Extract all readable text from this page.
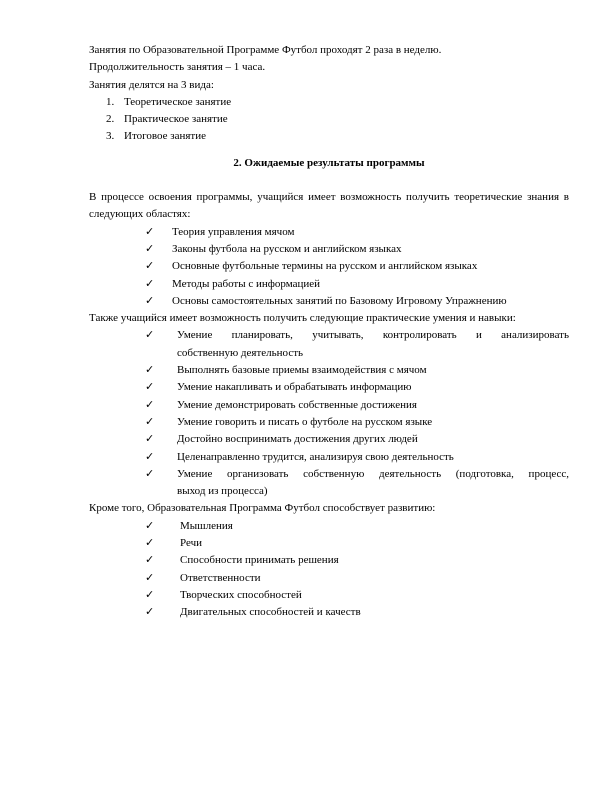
Занятия по Образовательной Программе Футбол проходят 2 раза в неделю.
Продолжительность занятия – 1 часа.
Занятия делятся на 3 вида:
1. Теоретическое занятие
2. Практическое занятие
3. Итоговое занятие
2. Ожидаемые результаты программы
В процессе освоения программы, учащийся имеет возможность получить теоретические знания в следующих областях:
✓ Теория управления мячом
✓ Законы футбола на русском и английском языках
✓ Основные футбольные термины на русском и английском языках
✓ Методы работы с информацией
✓ Основы самостоятельных занятий по Базовому Игровому Упражнению
Также учащийся имеет возможность получить следующие практические умения и навыки:
✓ Умение планировать, учитывать, контролировать и анализировать
собственную деятельность
✓ Выполнять базовые приемы взаимодействия с мячом
✓ Умение накапливать и обрабатывать информацию
✓ Умение демонстрировать собственные достижения
✓ Умение говорить и писать о футболе на русском языке
✓ Достойно воспринимать достижения других людей
✓ Целенаправленно трудится, анализируя свою деятельность
✓ Умение организовать собственную деятельность (подготовка, процесс,
выход из процесса)
Кроме того, Образовательная Программа Футбол способствует развитию:
✓ Мышления
✓ Речи
✓ Способности принимать решения
✓ Ответственности
✓ Творческих способностей
✓ Двигательных способностей и качеств
